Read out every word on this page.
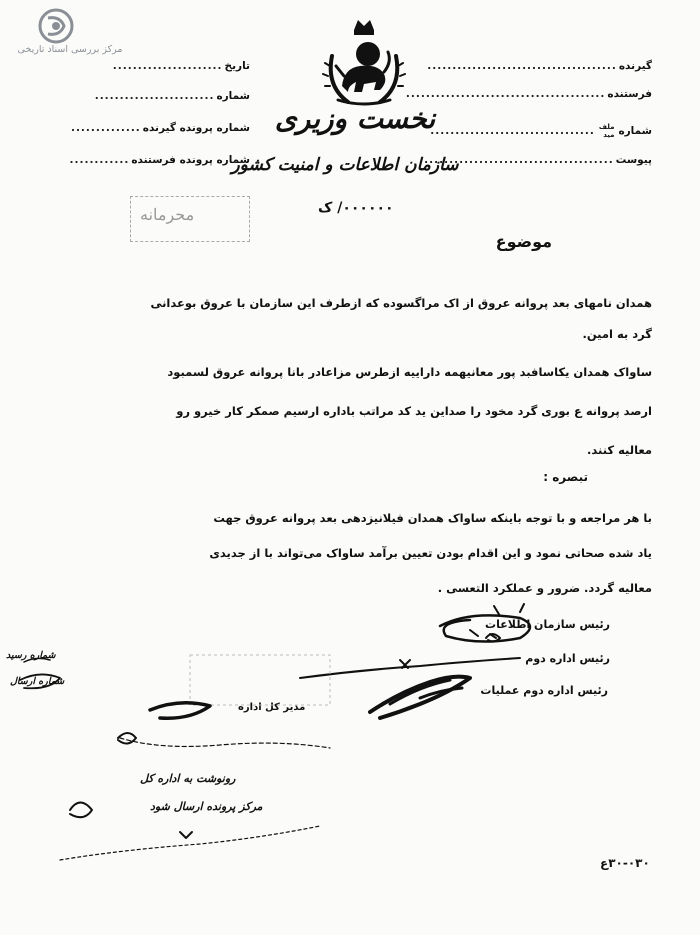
مرکز بررسی اسناد تاریخی
گیرنده
......................................
فرستنده
........................................
شماره
ملف
مید
.................................
پیوست
......................................
تاریخ
......................
شماره
........................
شماره پرونده گیرنده
..............
شماره پرونده فرستنده
............
نخست وزیری
سازمان اطلاعات و امنیت کشور
۰۰۰۰۰۰/ ک
محرمانه
موضوع
همدان نامهای بعد پروانه عروق از اک مراگسوده که ازطرف این سازمان با عروق بوعدانی
گرد به امین.
ساواک همدان یکاسافبد پور معانیهمه داراییه ازطرس مزاعادر بانا پروانه عروق لسمبود
ارصد پروانه ع بوری گرد مخود را صداین ید کد مراتب باداره ارسیم صمکر کار خیرو رو
معالیه کنند.
تبصره :
با هر مراجعه و با توجه باینکه ساواک همدان فیلانیزدهی بعد پروانه عروق جهت
یاد شده صحاتی نمود و این اقدام بودن تعیین برآمد ساواک می‌تواند با از جدیدی
معالیه گردد. ضرور و عملکرد التعسی .
رئیس سازمان اطلاعات
رئیس اداره دوم
رئیس اداره دوم عملیات
مدیر کل اداره
رونوشت به اداره کل
مرکز پرونده ارسال شود
شماره رسید
شماره ارسال
۳۰-۰۳۰ع
